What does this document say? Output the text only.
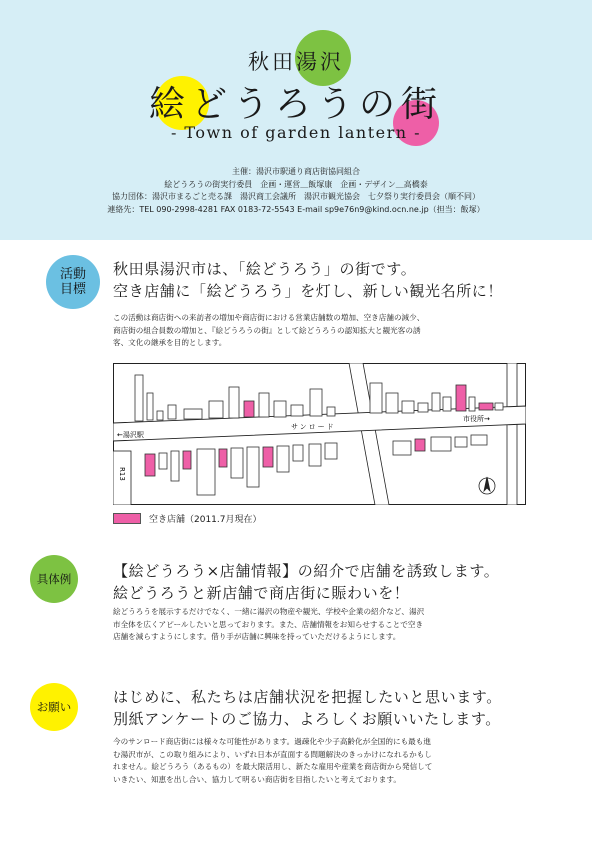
秋田湯沢
絵どうろうの街
- Town of garden lantern -
主催：湯沢市駅通り商店街協同組合
絵どうろうの街実行委員　企画・運営＿飯塚康　企画・デザイン＿高橋泰
協力団体：湯沢市まるごと売る課　湯沢商工会議所　湯沢市観光協会　七夕祭り実行委員会（順不同）
連絡先：TEL 090-2998-4281 FAX 0183-72-5543 E-mail sp9e76n9@kind.ocn.ne.jp（担当：飯塚）
活動
目標
秋田県湯沢市は、「絵どうろう」の街です。
空き店舗に「絵どうろう」を灯し、新しい観光名所に！
この活動は商店街への来訪者の増加や商店街における営業店舗数の増加、空き店舗の減少、
商店街の組合員数の増加と、『絵どうろうの街』として絵どうろうの認知拡大と観光客の誘
客、文化の継承を目的とします。
←湯沢駅
市役所→
サンロード
R13
空き店舗（2011.7月現在）
具体例	【絵どうろう×店舗情報】の紹介で店舗を誘致します。
絵どうろうと新店舗で商店街に賑わいを！
絵どうろうを展示するだけでなく、一緒に湯沢の物産や観光、学校や企業の紹介など、湯沢
市全体を広くアピールしたいと思っております。また、店舗情報をお知らせすることで空き
店舗を減らすようにします。借り手が店舗に興味を持っていただけるようにします。
お願い
はじめに、私たちは店舗状況を把握したいと思います。
別紙アンケートのご協力、よろしくお願いいたします。
今のサンロード商店街には様々な可能性があります。過疎化や少子高齢化が全国的にも最も進
む湯沢市が、この取り組みにより、いずれ日本が直面する問題解決のきっかけになれるかもし
れません。絵どうろう（あるもの）を最大限活用し、新たな雇用や産業を商店街から発信して
いきたい、知恵を出し合い、協力して明るい商店街を目指したいと考えております。
